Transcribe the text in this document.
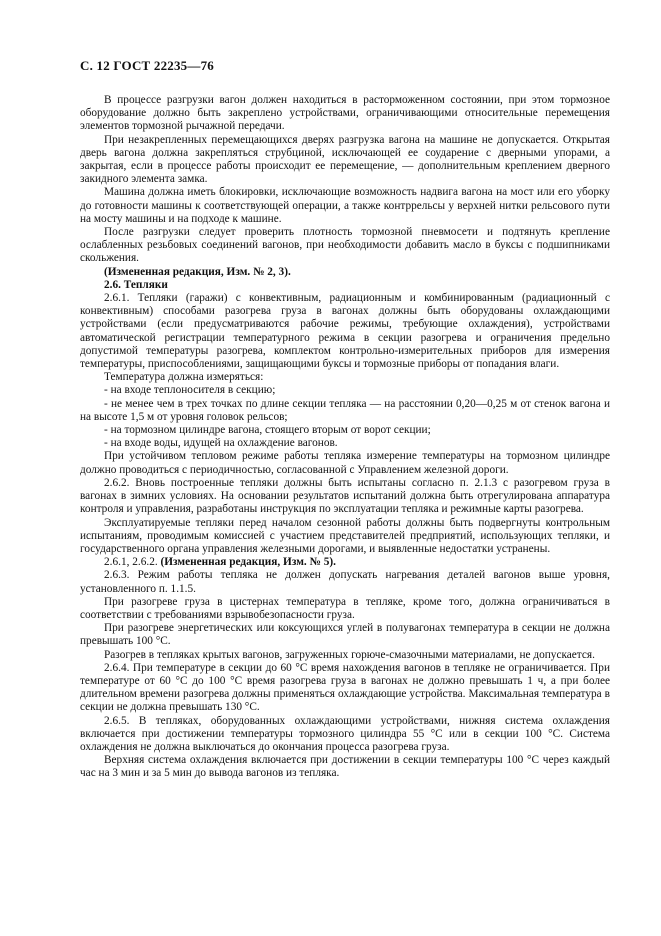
С. 12 ГОСТ 22235—76

В процессе разгрузки вагон должен находиться в расторможенном состоянии, при этом тормозное оборудование должно быть закреплено устройствами, ограничивающими относительные перемещения элементов тормозной рычажной передачи.

При незакрепленных перемещающихся дверях разгрузка вагона на машине не допускается. Открытая дверь вагона должна закрепляться струбциной, исключающей ее соударение с дверными упорами, а закрытая, если в процессе работы происходит ее перемещение, — дополнительным креплением дверного закидного элемента замка.

Машина должна иметь блокировки, исключающие возможность надвига вагона на мост или его уборку до готовности машины к соответствующей операции, а также контррельсы у верхней нитки рельсового пути на мосту машины и на подходе к машине.

После разгрузки следует проверить плотность тормозной пневмосети и подтянуть крепление ослабленных резьбовых соединений вагонов, при необходимости добавить масло в буксы с подшипниками скольжения.

(Измененная редакция, Изм. № 2, 3).

2.6. Тепляки

2.6.1. Тепляки (гаражи) с конвективным, радиационным и комбинированным (радиационный с конвективным) способами разогрева груза в вагонах должны быть оборудованы охлаждающими устройствами (если предусматриваются рабочие режимы, требующие охлаждения), устройствами автоматической регистрации температурного режима в секции разогрева и ограничения предельно допустимой температуры разогрева, комплектом контрольно-измерительных приборов для измерения температуры, приспособлениями, защищающими буксы и тормозные приборы от попадания влаги.

Температура должна измеряться:

- на входе теплоносителя в секцию;

- не менее чем в трех точках по длине секции тепляка — на расстоянии 0,20—0,25 м от стенок вагона и на высоте 1,5 м от уровня головок рельсов;

- на тормозном цилиндре вагона, стоящего вторым от ворот секции;

- на входе воды, идущей на охлаждение вагонов.

При устойчивом тепловом режиме работы тепляка измерение температуры на тормозном цилиндре должно проводиться с периодичностью, согласованной с Управлением железной дороги.

2.6.2. Вновь построенные тепляки должны быть испытаны согласно п. 2.1.3 с разогревом груза в вагонах в зимних условиях. На основании результатов испытаний должна быть отрегулирована аппаратура контроля и управления, разработаны инструкция по эксплуатации тепляка и режимные карты разогрева.

Эксплуатируемые тепляки перед началом сезонной работы должны быть подвергнуты контрольным испытаниям, проводимым комиссией с участием представителей предприятий, использующих тепляки, и государственного органа управления железными дорогами, и выявленные недостатки устранены.

2.6.1, 2.6.2. (Измененная редакция, Изм. № 5).

2.6.3. Режим работы тепляка не должен допускать нагревания деталей вагонов выше уровня, установленного п. 1.1.5.

При разогреве груза в цистернах температура в тепляке, кроме того, должна ограничиваться в соответствии с требованиями взрывобезопасности груза.

При разогреве энергетических или коксующихся углей в полувагонах температура в секции не должна превышать 100 °С.

Разогрев в тепляках крытых вагонов, загруженных горюче-смазочными материалами, не допускается.

2.6.4. При температуре в секции до 60 °С время нахождения вагонов в тепляке не ограничивается. При температуре от 60 °С до 100 °С время разогрева груза в вагонах не должно превышать 1 ч, а при более длительном времени разогрева должны применяться охлаждающие устройства. Максимальная температура в секции не должна превышать 130 °С.

2.6.5. В тепляках, оборудованных охлаждающими устройствами, нижняя система охлаждения включается при достижении температуры тормозного цилиндра 55 °С или в секции 100 °С. Система охлаждения не должна выключаться до окончания процесса разогрева груза.

Верхняя система охлаждения включается при достижении в секции температуры 100 °С через каждый час на 3 мин и за 5 мин до вывода вагонов из тепляка.
